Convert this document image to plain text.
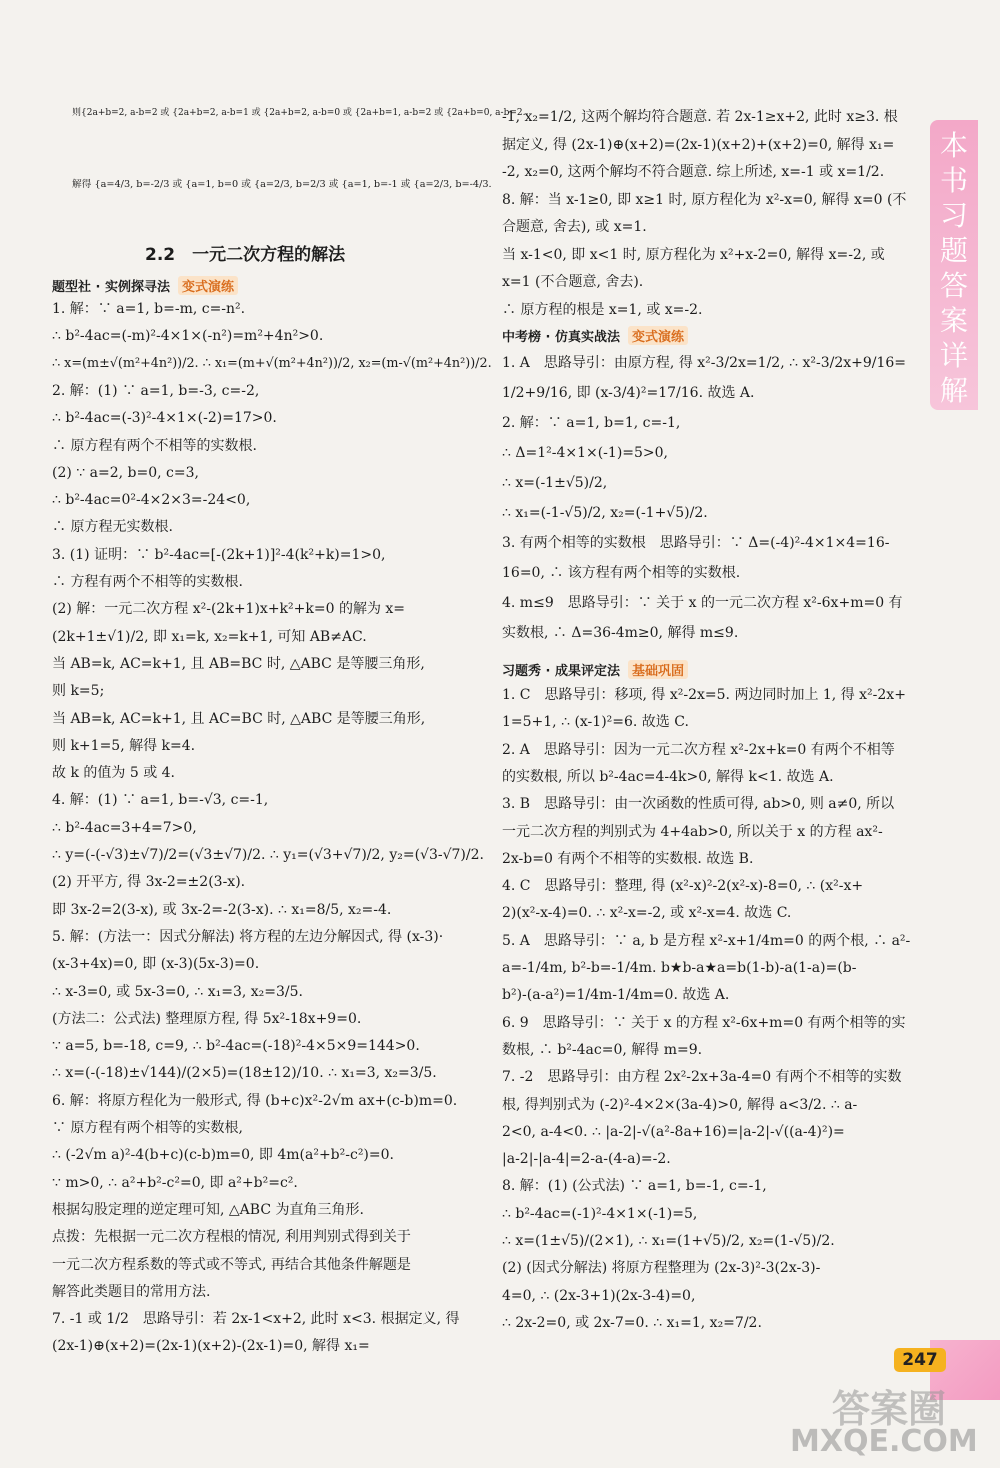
本书习题答案详解
则{2a+b=2, a-b=2 或 {2a+b=2, a-b=1 或 {2a+b=2, a-b=0 或 {2a+b=1, a-b=2 或 {2a+b=0, a-b=2.
解得 {a=4/3, b=-2/3 或 {a=1, b=0 或 {a=2/3, b=2/3 或 {a=1, b=-1 或 {a=2/3, b=-4/3.
2.2　一元二次方程的解法
题型社 · 实例探寻法 变式演练
1. 解：∵ a=1, b=-m, c=-n².
∴ b²-4ac=(-m)²-4×1×(-n²)=m²+4n²>0.
∴ x=(m±√(m²+4n²))/2. ∴ x₁=(m+√(m²+4n²))/2, x₂=(m-√(m²+4n²))/2.
2. 解：(1) ∵ a=1, b=-3, c=-2,
∴ b²-4ac=(-3)²-4×1×(-2)=17>0.
∴ 原方程有两个不相等的实数根.
(2) ∵ a=2, b=0, c=3,
∴ b²-4ac=0²-4×2×3=-24<0,
∴ 原方程无实数根.
3. (1) 证明：∵ b²-4ac=[-(2k+1)]²-4(k²+k)=1>0,
∴ 方程有两个不相等的实数根.
(2) 解：一元二次方程 x²-(2k+1)x+k²+k=0 的解为 x=
(2k+1±√1)/2, 即 x₁=k, x₂=k+1, 可知 AB≠AC.
当 AB=k, AC=k+1, 且 AB=BC 时, △ABC 是等腰三角形,
则 k=5;
当 AB=k, AC=k+1, 且 AC=BC 时, △ABC 是等腰三角形,
则 k+1=5, 解得 k=4.
故 k 的值为 5 或 4.
4. 解：(1) ∵ a=1, b=-√3, c=-1,
∴ b²-4ac=3+4=7>0,
∴ y=(-(-√3)±√7)/2=(√3±√7)/2. ∴ y₁=(√3+√7)/2, y₂=(√3-√7)/2.
(2) 开平方, 得 3x-2=±2(3-x).
即 3x-2=2(3-x), 或 3x-2=-2(3-x). ∴ x₁=8/5, x₂=-4.
5. 解：(方法一：因式分解法) 将方程的左边分解因式, 得 (x-3)·
(x-3+4x)=0, 即 (x-3)(5x-3)=0.
∴ x-3=0, 或 5x-3=0, ∴ x₁=3, x₂=3/5.
(方法二：公式法) 整理原方程, 得 5x²-18x+9=0.
∵ a=5, b=-18, c=9, ∴ b²-4ac=(-18)²-4×5×9=144>0.
∴ x=(-(-18)±√144)/(2×5)=(18±12)/10. ∴ x₁=3, x₂=3/5.
6. 解：将原方程化为一般形式, 得 (b+c)x²-2√m ax+(c-b)m=0.
∵ 原方程有两个相等的实数根,
∴ (-2√m a)²-4(b+c)(c-b)m=0, 即 4m(a²+b²-c²)=0.
∵ m>0, ∴ a²+b²-c²=0, 即 a²+b²=c².
根据勾股定理的逆定理可知, △ABC 为直角三角形.
点拨：先根据一元二次方程根的情况, 利用判别式得到关于
一元二次方程系数的等式或不等式, 再结合其他条件解题是
解答此类题目的常用方法.
7. -1 或 1/2　思路导引：若 2x-1<x+2, 此时 x<3. 根据定义, 得
(2x-1)⊕(x+2)=(2x-1)(x+2)-(2x-1)=0, 解得 x₁=
-1, x₂=1/2, 这两个解均符合题意. 若 2x-1≥x+2, 此时 x≥3. 根
据定义, 得 (2x-1)⊕(x+2)=(2x-1)(x+2)+(x+2)=0, 解得 x₁=
-2, x₂=0, 这两个解均不符合题意. 综上所述, x=-1 或 x=1/2.
8. 解：当 x-1≥0, 即 x≥1 时, 原方程化为 x²-x=0, 解得 x=0 (不
合题意, 舍去), 或 x=1.
当 x-1<0, 即 x<1 时, 原方程化为 x²+x-2=0, 解得 x=-2, 或
x=1 (不合题意, 舍去).
∴ 原方程的根是 x=1, 或 x=-2.
中考榜 · 仿真实战法 变式演练
1. A　思路导引：由原方程, 得 x²-3/2x=1/2, ∴ x²-3/2x+9/16=
1/2+9/16, 即 (x-3/4)²=17/16. 故选 A.
2. 解：∵ a=1, b=1, c=-1,
∴ Δ=1²-4×1×(-1)=5>0,
∴ x=(-1±√5)/2,
∴ x₁=(-1-√5)/2, x₂=(-1+√5)/2.
3. 有两个相等的实数根　思路导引：∵ Δ=(-4)²-4×1×4=16-
16=0, ∴ 该方程有两个相等的实数根.
4. m≤9　思路导引：∵ 关于 x 的一元二次方程 x²-6x+m=0 有
实数根, ∴ Δ=36-4m≥0, 解得 m≤9.
习题秀 · 成果评定法 基础巩固
1. C　思路导引：移项, 得 x²-2x=5. 两边同时加上 1, 得 x²-2x+
1=5+1, ∴ (x-1)²=6. 故选 C.
2. A　思路导引：因为一元二次方程 x²-2x+k=0 有两个不相等
的实数根, 所以 b²-4ac=4-4k>0, 解得 k<1. 故选 A.
3. B　思路导引：由一次函数的性质可得, ab>0, 则 a≠0, 所以
一元二次方程的判别式为 4+4ab>0, 所以关于 x 的方程 ax²-
2x-b=0 有两个不相等的实数根. 故选 B.
4. C　思路导引：整理, 得 (x²-x)²-2(x²-x)-8=0, ∴ (x²-x+
2)(x²-x-4)=0. ∴ x²-x=-2, 或 x²-x=4. 故选 C.
5. A　思路导引：∵ a, b 是方程 x²-x+1/4m=0 的两个根, ∴ a²-
a=-1/4m, b²-b=-1/4m. b★b-a★a=b(1-b)-a(1-a)=(b-
b²)-(a-a²)=1/4m-1/4m=0. 故选 A.
6. 9　思路导引：∵ 关于 x 的方程 x²-6x+m=0 有两个相等的实
数根, ∴ b²-4ac=0, 解得 m=9.
7. -2　思路导引：由方程 2x²-2x+3a-4=0 有两个不相等的实数
根, 得判别式为 (-2)²-4×2×(3a-4)>0, 解得 a<3/2. ∴ a-
2<0, a-4<0. ∴ |a-2|-√(a²-8a+16)=|a-2|-√((a-4)²)=
|a-2|-|a-4|=2-a-(4-a)=-2.
8. 解：(1) (公式法) ∵ a=1, b=-1, c=-1,
∴ b²-4ac=(-1)²-4×1×(-1)=5,
∴ x=(1±√5)/(2×1), ∴ x₁=(1+√5)/2, x₂=(1-√5)/2.
(2) (因式分解法) 将原方程整理为 (2x-3)²-3(2x-3)-
4=0, ∴ (2x-3+1)(2x-3-4)=0,
∴ 2x-2=0, 或 2x-7=0. ∴ x₁=1, x₂=7/2.
247
答案圈
MXQE.COM
